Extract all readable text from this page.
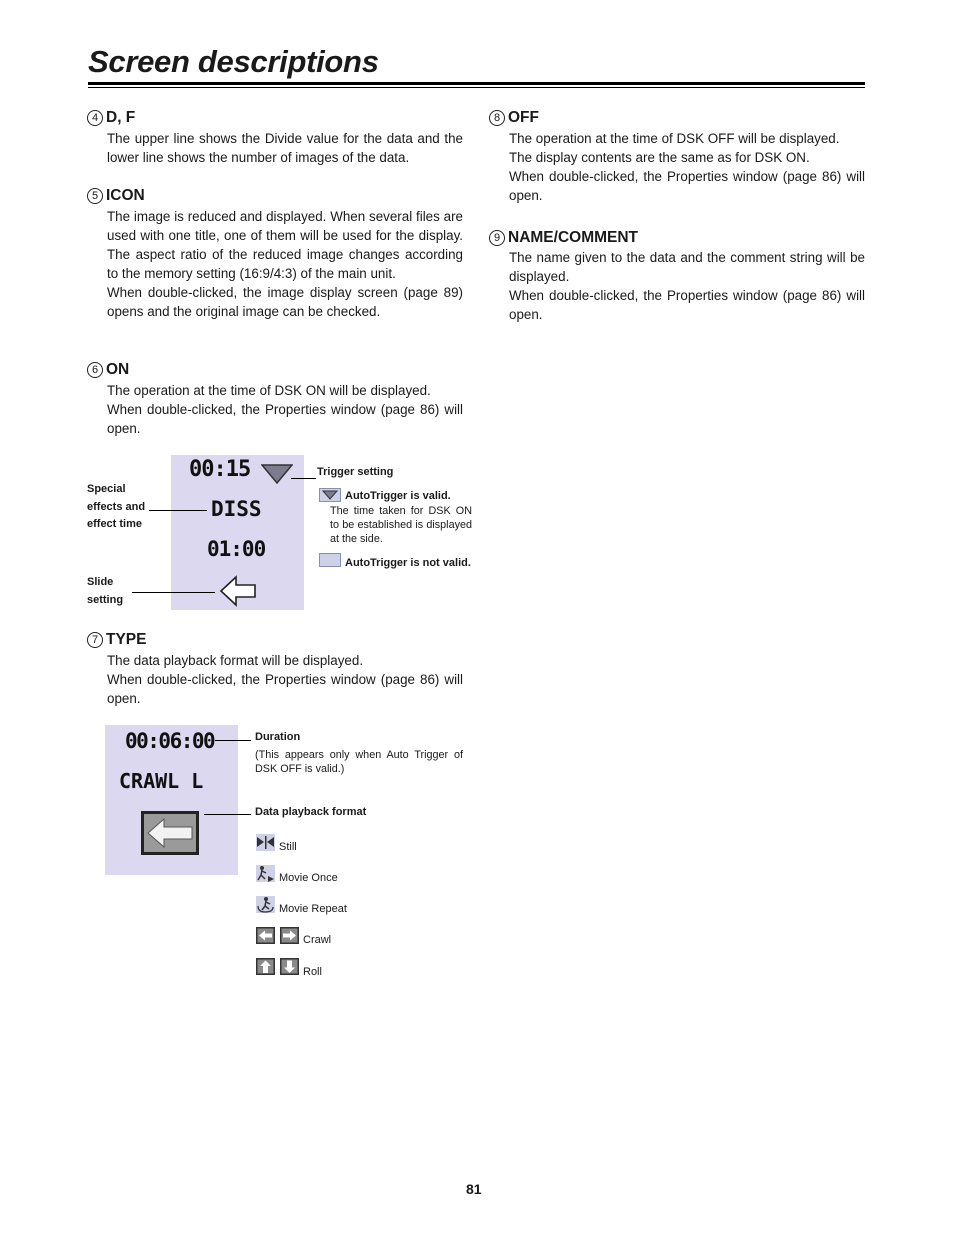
Screen descriptions
4 D, F

The upper line shows the Divide value for the data and the lower line shows the number of images of the data.

5 ICON

The image is reduced and displayed. When several files are used with one title, one of them will be used for the display. The aspect ratio of the reduced image changes according to the memory setting (16:9/4:3) of the main unit.

When double-clicked, the image display screen (page 89) opens and the original image can be checked.

6 ON

The operation at the time of DSK ON will be displayed.

When double-clicked, the Properties window (page 86) will open.

00:15
DISS
01:00
Special
effects and
effect time
Slide
setting
Trigger setting
AutoTrigger is valid.
The time taken for DSK ON to be established is displayed at the side.
AutoTrigger is not valid.
7 TYPE

The data playback format will be displayed.

When double-clicked, the Properties window (page 86) will open.

00:06:00
CRAWL L
Duration
(This appears only when Auto Trigger of DSK OFF is valid.)
Data playback format
Still
Movie Once
Movie Repeat
Crawl
Roll
8 OFF

The operation at the time of DSK OFF will be displayed.

The display contents are the same as for DSK ON.

When double-clicked, the Properties window (page 86) will open.

9 NAME/COMMENT

The name given to the data and the comment string will be displayed.

When double-clicked, the Properties window (page 86) will open.

81
